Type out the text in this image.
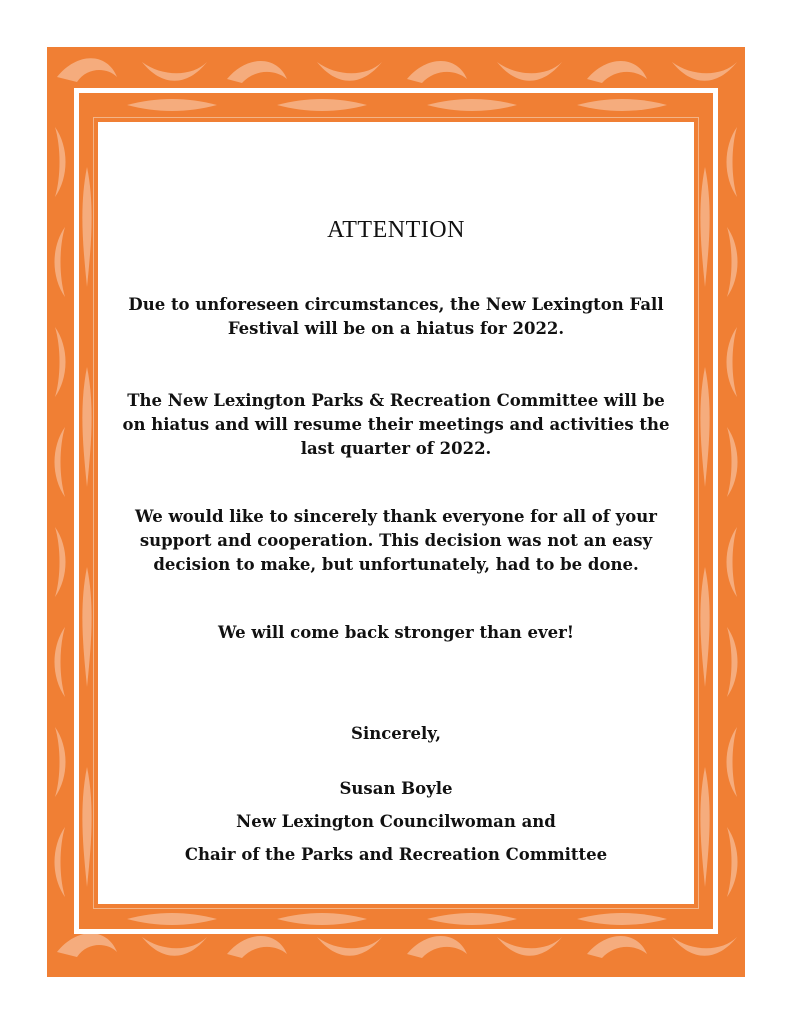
ATTENTION

Due to unforeseen circumstances, the New Lexington Fall
Festival will be on a hiatus for 2022.

The New Lexington Parks & Recreation Committee will be
on hiatus and will resume their meetings and activities the
last quarter of 2022.

We would like to sincerely thank everyone for all of your
support and cooperation. This decision was not an easy
decision to make, but unfortunately, had to be done.

We will come back stronger than ever!

Sincerely,

Susan Boyle

New Lexington Councilwoman and

Chair of the Parks and Recreation Committee
